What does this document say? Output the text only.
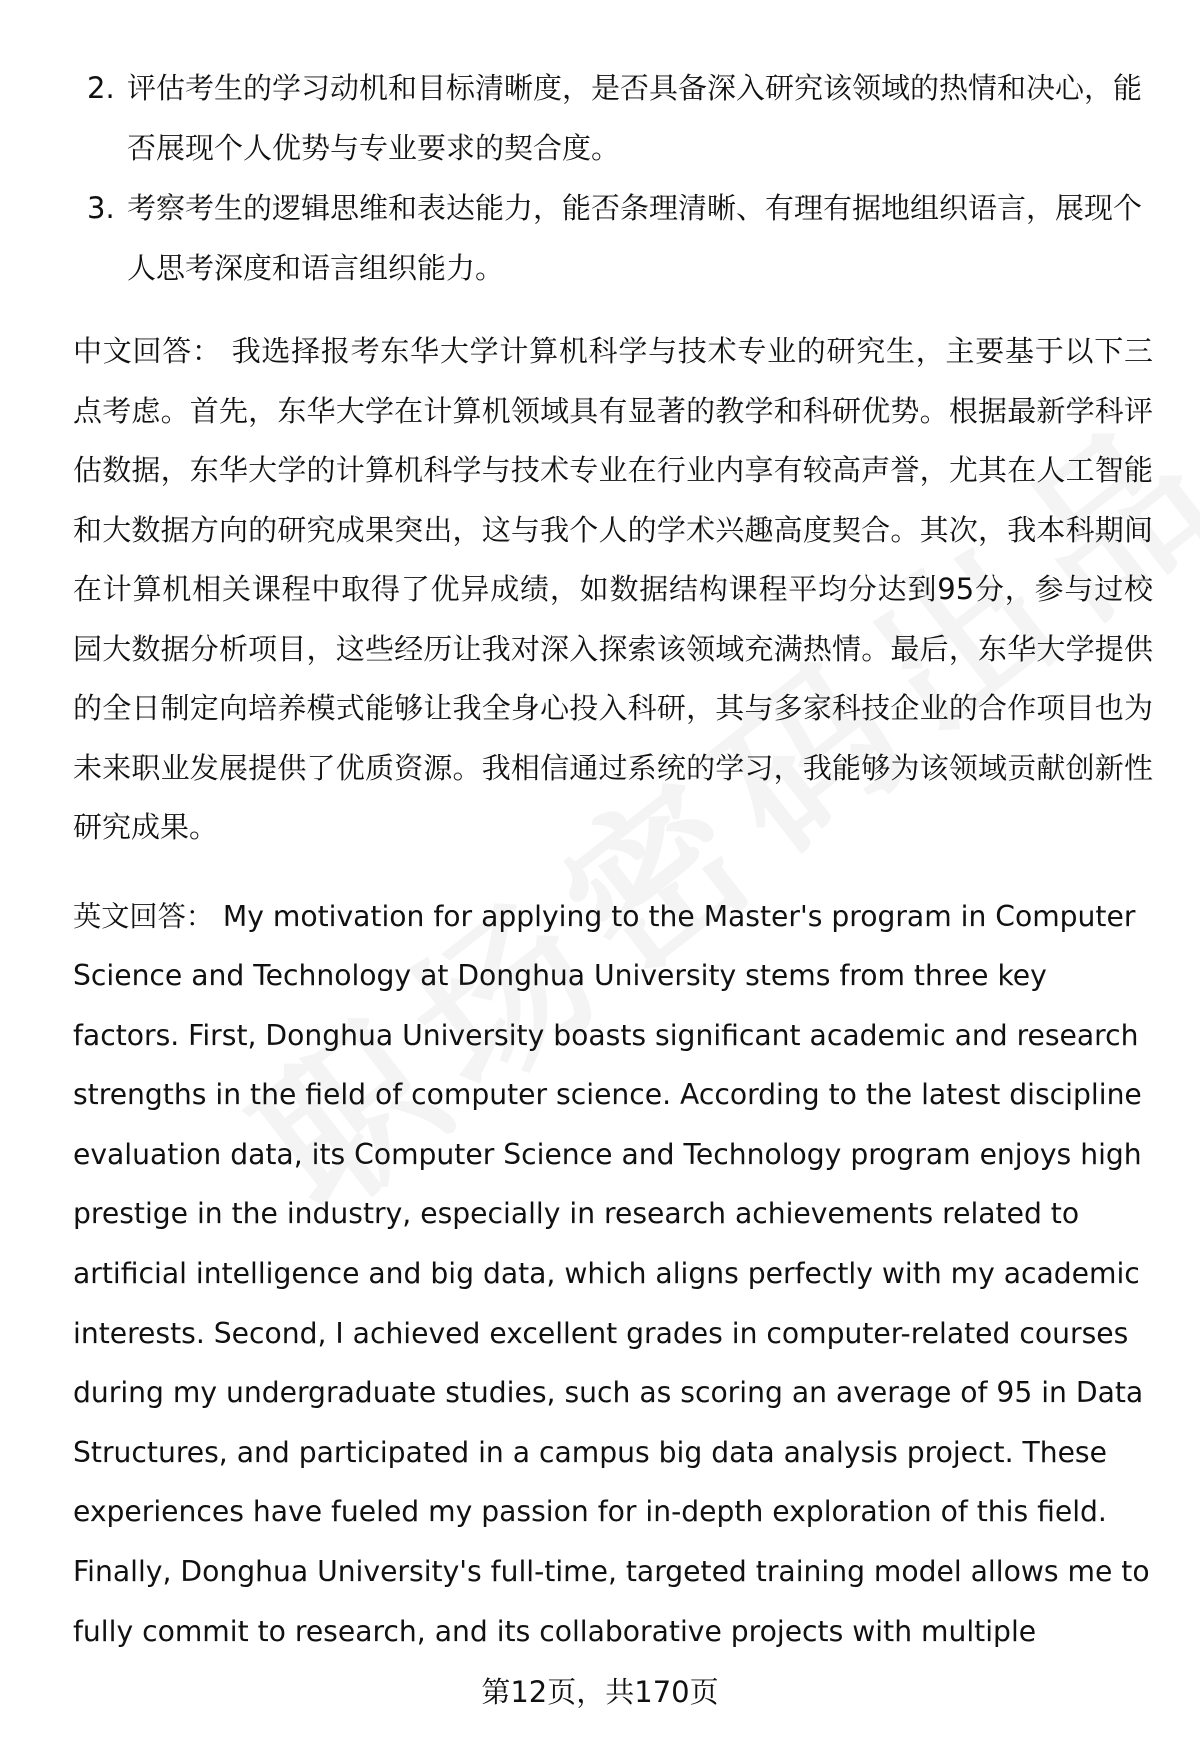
2. 评估考生的学习动机和目标清晰度，是否具备深入研究该领域的热情和决心，能否展现个人优势与专业要求的契合度。
3. 考察考生的逻辑思维和表达能力，能否条理清晰、有理有据地组织语言，展现个人思考深度和语言组织能力。

中文回答： 我选择报考东华大学计算机科学与技术专业的研究生，主要基于以下三点考虑。首先，东华大学在计算机领域具有显著的教学和科研优势。根据最新学科评估数据，东华大学的计算机科学与技术专业在行业内享有较高声誉，尤其在人工智能和大数据方向的研究成果突出，这与我个人的学术兴趣高度契合。其次，我本科期间在计算机相关课程中取得了优异成绩，如数据结构课程平均分达到95分，参与过校园大数据分析项目，这些经历让我对深入探索该领域充满热情。最后，东华大学提供的全日制定向培养模式能够让我全身心投入科研，其与多家科技企业的合作项目也为未来职业发展提供了优质资源。我相信通过系统的学习，我能够为该领域贡献创新性研究成果。

英文回答： My motivation for applying to the Master's program in Computer Science and Technology at Donghua University stems from three key factors. First, Donghua University boasts significant academic and research strengths in the field of computer science. According to the latest discipline evaluation data, its Computer Science and Technology program enjoys high prestige in the industry, especially in research achievements related to artificial intelligence and big data, which aligns perfectly with my academic interests. Second, I achieved excellent grades in computer-related courses during my undergraduate studies, such as scoring an average of 95 in Data Structures, and participated in a campus big data analysis project. These experiences have fueled my passion for in-depth exploration of this field. Finally, Donghua University's full-time, targeted training model allows me to fully commit to research, and its collaborative projects with multiple

第12页，共170页
